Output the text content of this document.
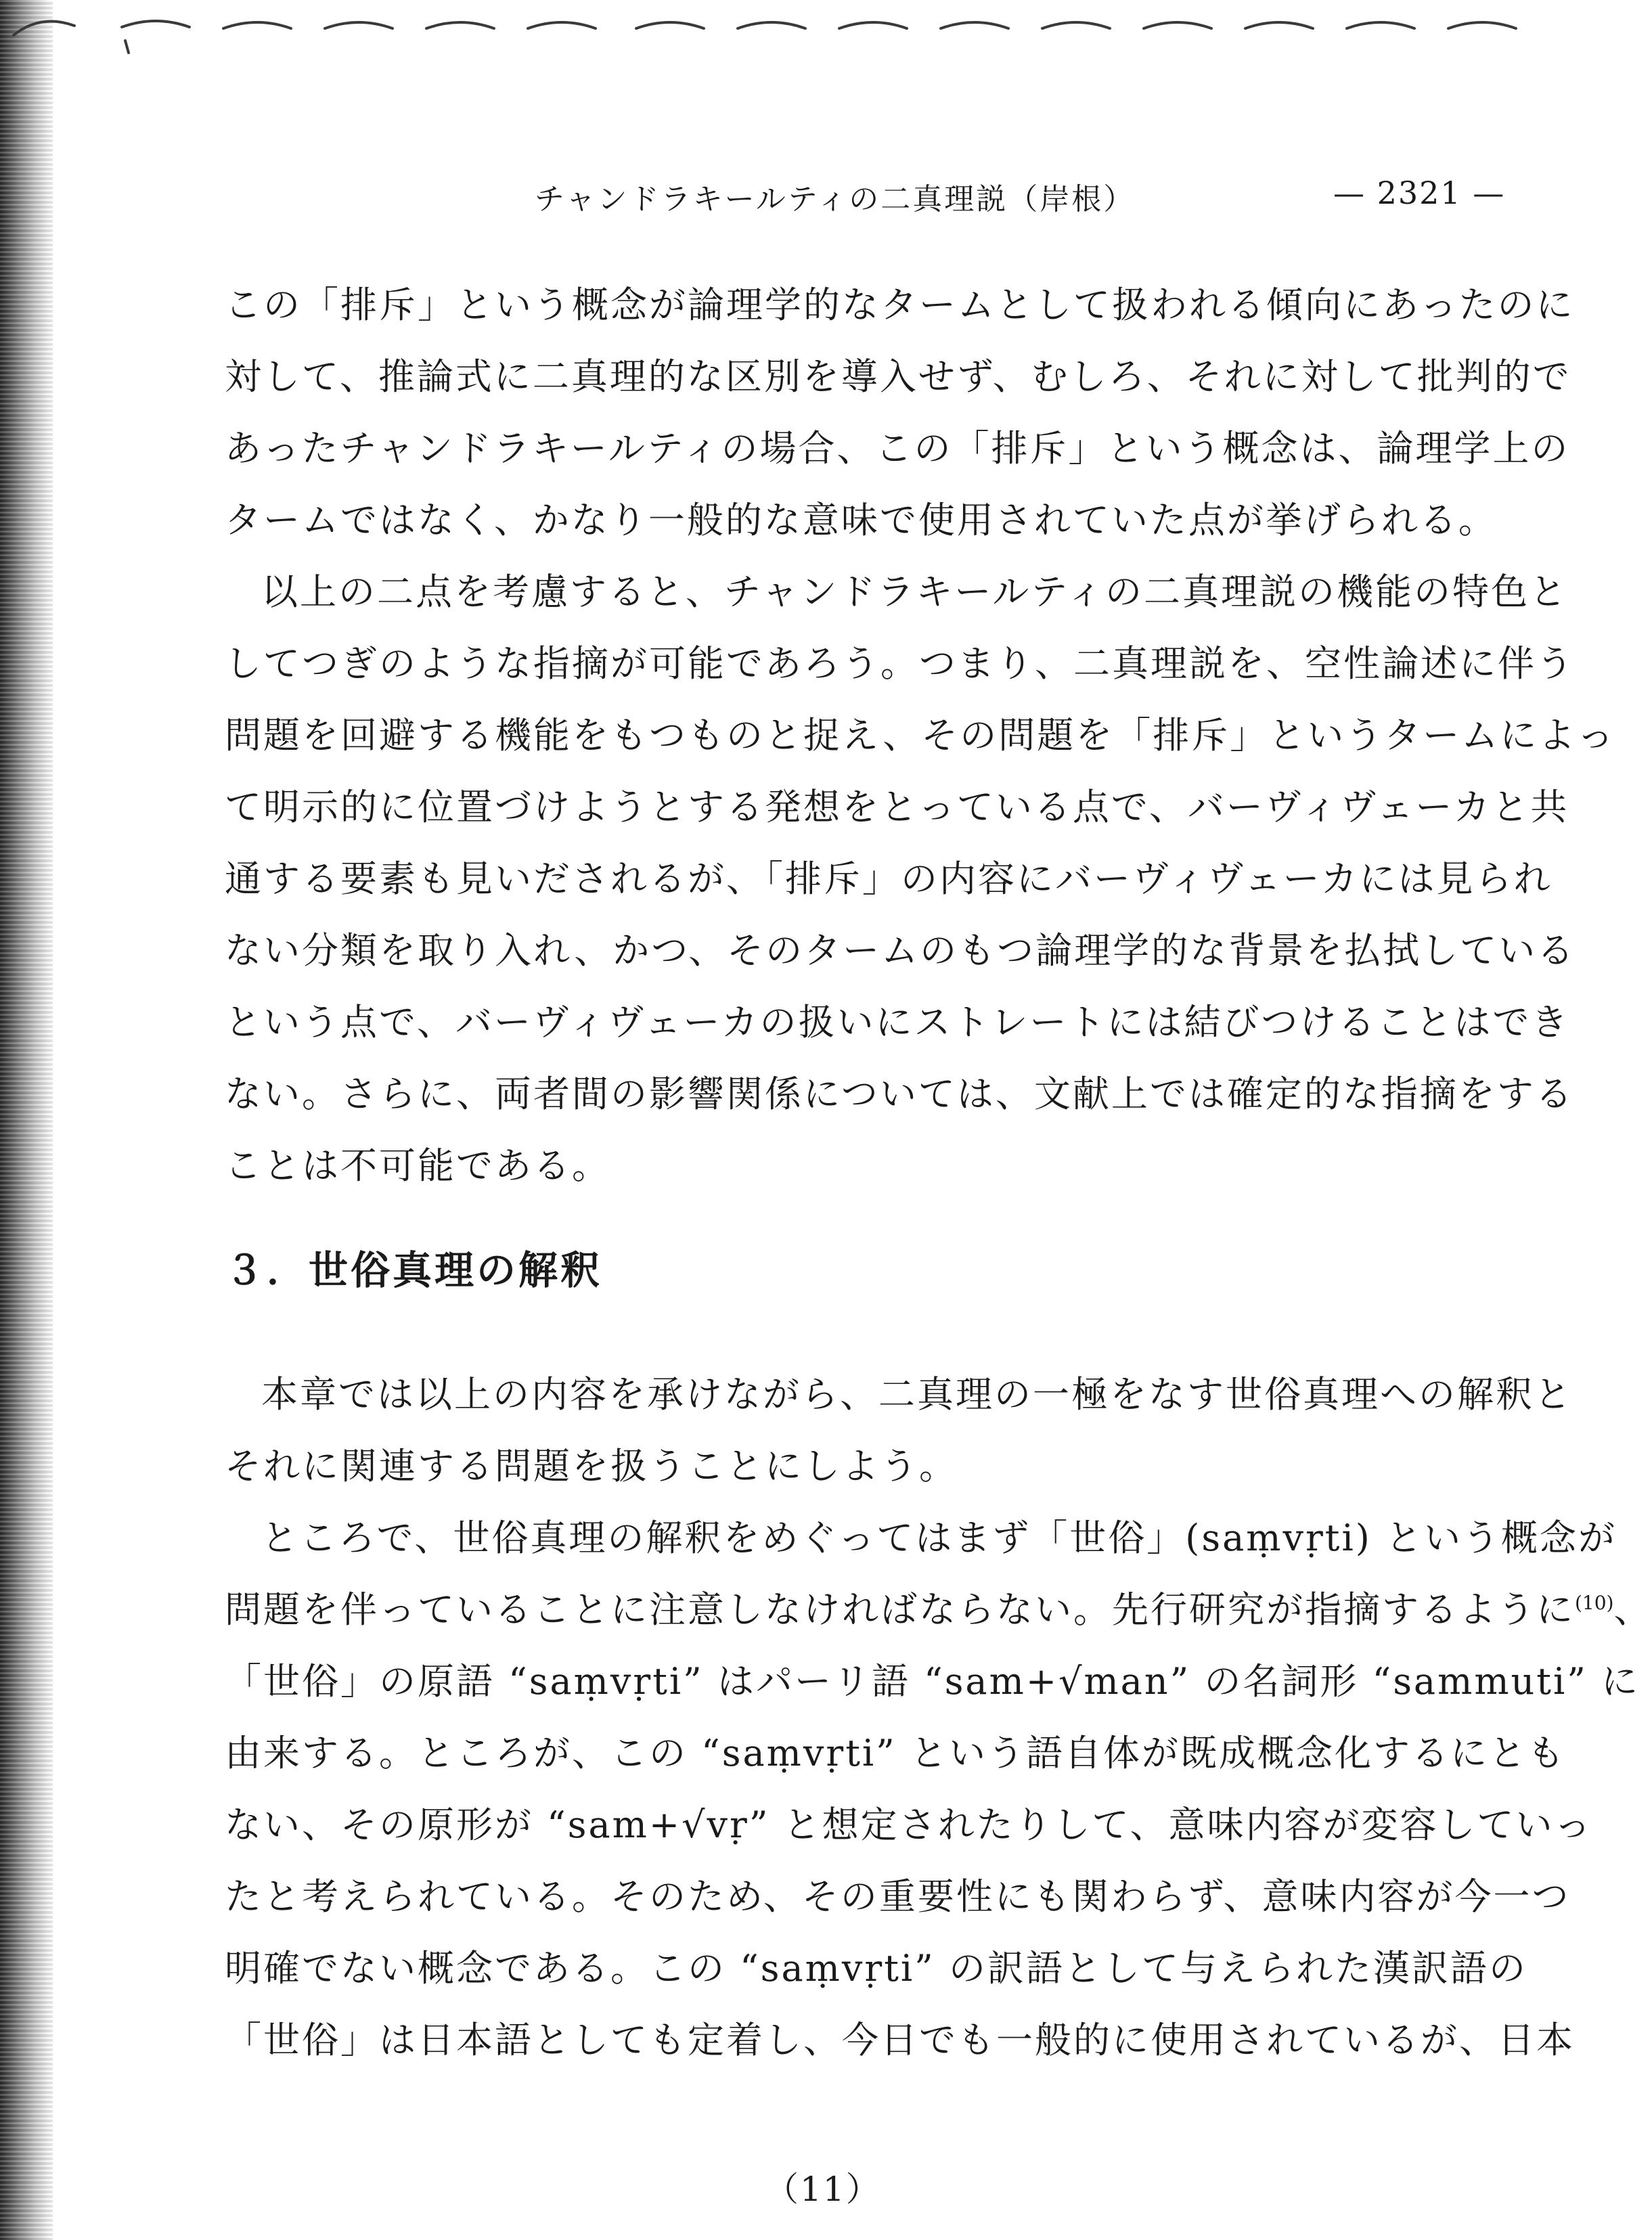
チャンドラキールティの二真理説（岸根）	— 2321 —
この「排斥」という概念が論理学的なタームとして扱われる傾向にあったのに
対して、推論式に二真理的な区別を導入せず、むしろ、それに対して批判的で
あったチャンドラキールティの場合、この「排斥」という概念は、論理学上の
タームではなく、かなり一般的な意味で使用されていた点が挙げられる。
以上の二点を考慮すると、チャンドラキールティの二真理説の機能の特色と
してつぎのような指摘が可能であろう。つまり、二真理説を、空性論述に伴う
問題を回避する機能をもつものと捉え、その問題を「排斥」というタームによっ
て明示的に位置づけようとする発想をとっている点で、バーヴィヴェーカと共
通する要素も見いだされるが、「排斥」の内容にバーヴィヴェーカには見られ
ない分類を取り入れ、かつ、そのタームのもつ論理学的な背景を払拭している
という点で、バーヴィヴェーカの扱いにストレートには結びつけることはでき
ない。さらに、両者間の影響関係については、文献上では確定的な指摘をする
ことは不可能である。
３．世俗真理の解釈
本章では以上の内容を承けながら、二真理の一極をなす世俗真理への解釈と
それに関連する問題を扱うことにしよう。
ところで、世俗真理の解釈をめぐってはまず「世俗」(saṃvṛti) という概念が
問題を伴っていることに注意しなければならない。先行研究が指摘するように$^{(10)}$、
「世俗」の原語 “saṃvṛti” はパーリ語 “sam+√man” の名詞形 “sammuti” に
由来する。ところが、この “saṃvṛti” という語自体が既成概念化するにとも
ない、その原形が “sam+√vṛ” と想定されたりして、意味内容が変容していっ
たと考えられている。そのため、その重要性にも関わらず、意味内容が今一つ
明確でない概念である。この “saṃvṛti” の訳語として与えられた漢訳語の
「世俗」は日本語としても定着し、今日でも一般的に使用されているが、日本
（11）
